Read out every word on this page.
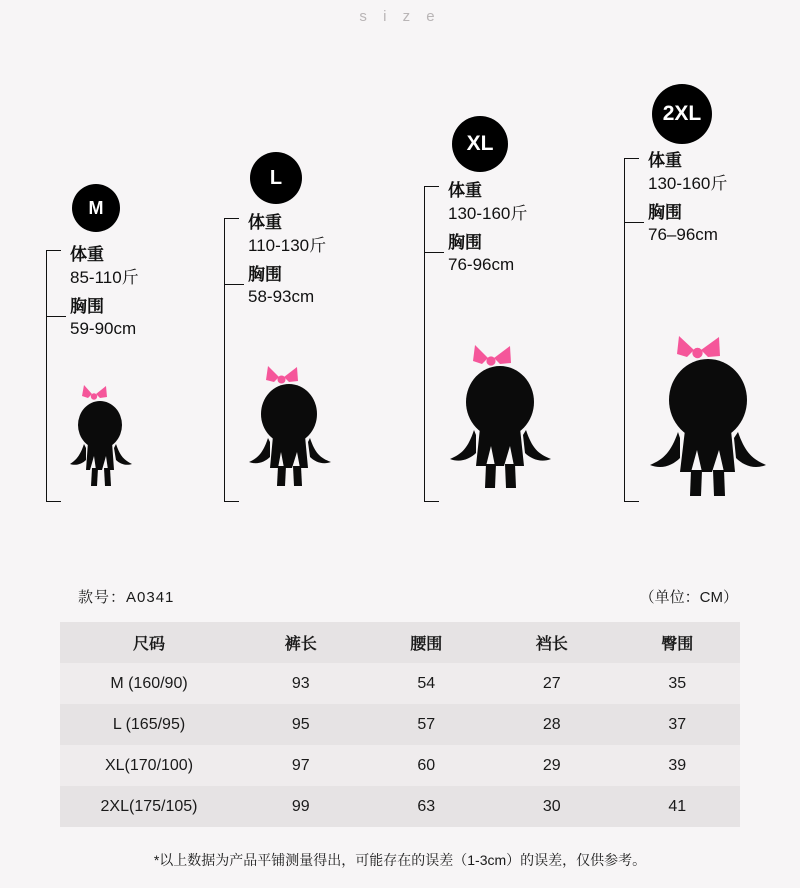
s i z e
M
体重
85-110斤
胸围
59-90cm
L
体重
110-130斤
胸围
58-93cm
XL
体重
130-160斤
胸围
76-96cm
2XL
体重
130-160斤
胸围
76–96cm
款号：A0341	（单位：CM）
尺码	裤长	腰围	裆长	臀围
M (160/90)	93	54	27	35
L (165/95)	95	57	28	37
XL(170/100)	97	60	29	39
2XL(175/105)	99	63	30	41
*以上数据为产品平铺测量得出，可能存在的误差（1-3cm）的误差，仅供参考。
